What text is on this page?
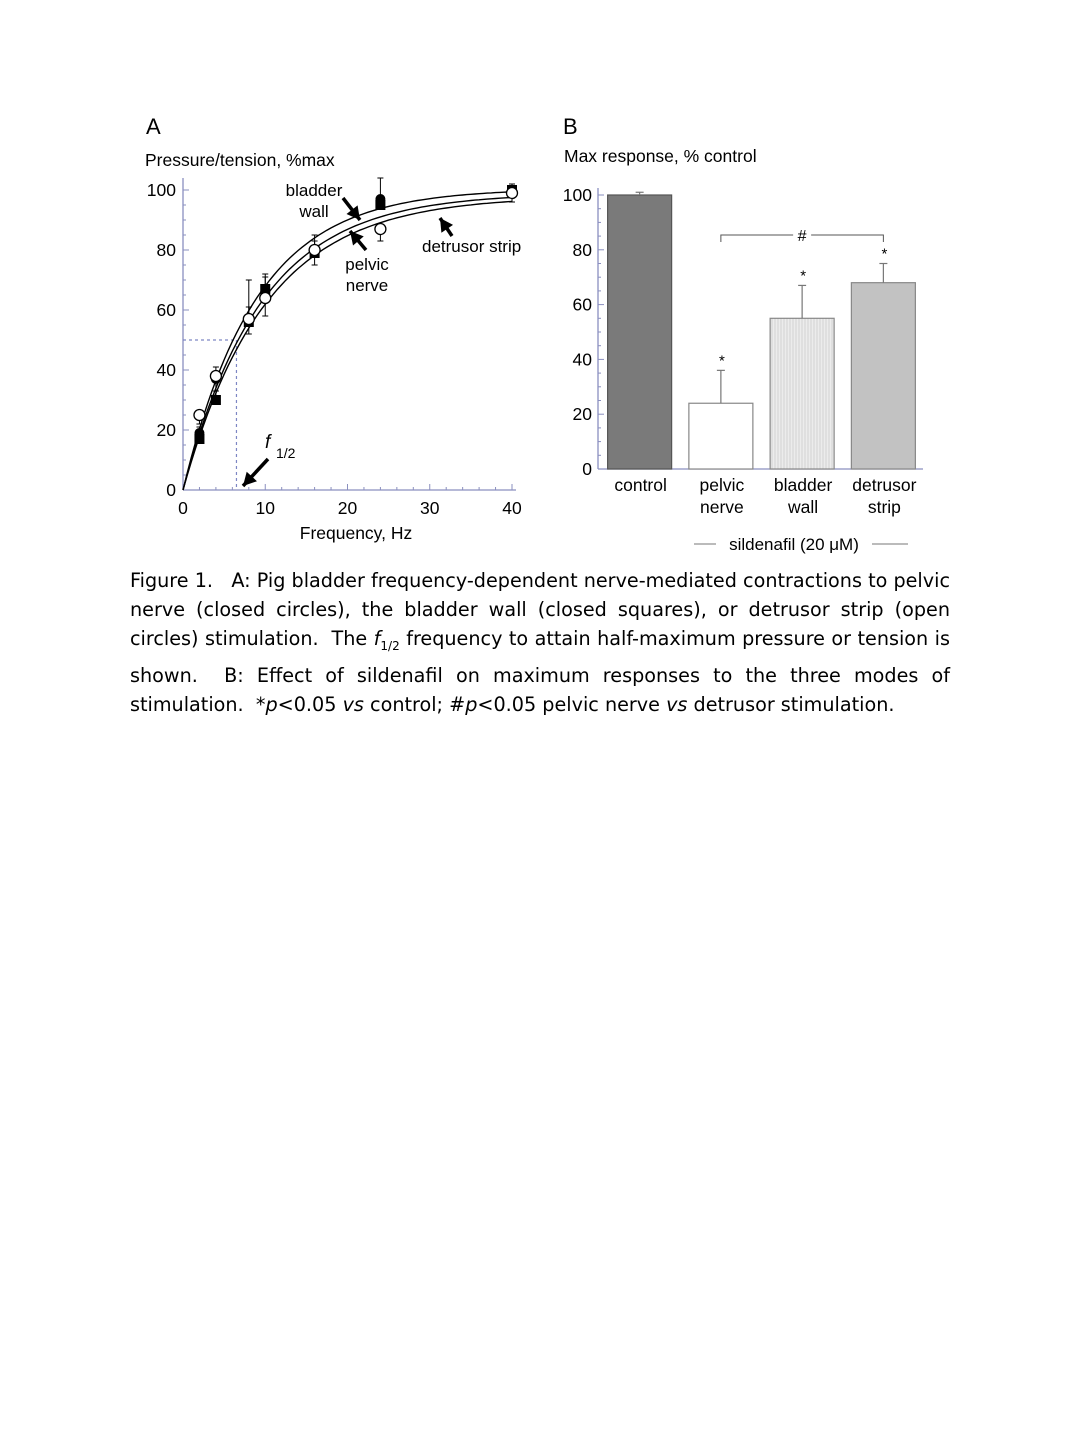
A
Pressure/tension, %max
Frequency, Hz
0	10	20	30	40
0
20
40
60
80
100	bladder
wall
pelvic
nerve
detrusor strip
f 1/2
B
Max response, % control
0
20
40
60
80
100
control
*
pelvic
nerve
*
bladder
wall
*
detrusor
strip
#
sildenafil (20 μM)
Figure 1. A: Pig bladder frequency-dependent nerve-mediated contractions to pelvic nerve (closed circles), the bladder wall (closed squares), or detrusor strip (open circles) stimulation. The $f_{1/2}$ frequency to attain half-maximum pressure or tension is shown. B: Effect of sildenafil on maximum responses to the three modes of stimulation. *p<0.05 vs control; #p<0.05 pelvic nerve vs detrusor stimulation.
